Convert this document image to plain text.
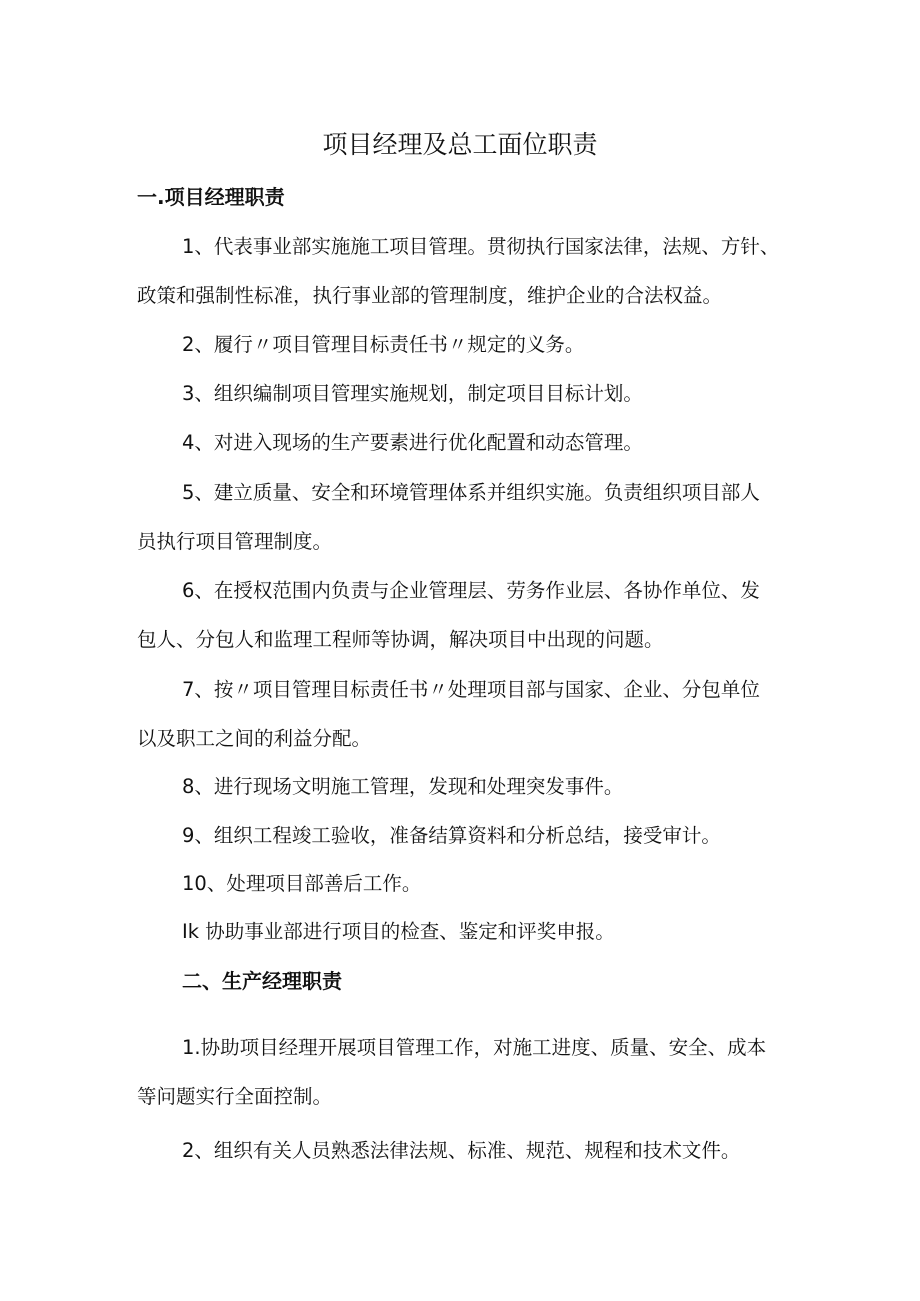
项目经理及总工面位职责
一.项目经理职责
1、代表事业部实施施工项目管理。贯彻执行国家法律，法规、方针、
政策和强制性标准，执行事业部的管理制度，维护企业的合法权益。
2、履行〃项目管理目标责任书〃规定的义务。
3、组织编制项目管理实施规划，制定项目目标计划。
4、对进入现场的生产要素进行优化配置和动态管理。
5、建立质量、安全和环境管理体系并组织实施。负责组织项目部人
员执行项目管理制度。
6、在授权范围内负责与企业管理层、劳务作业层、各协作单位、发
包人、分包人和监理工程师等协调，解决项目中出现的问题。
7、按〃项目管理目标责任书〃处理项目部与国家、企业、分包单位
以及职工之间的利益分配。
8、进行现场文明施工管理，发现和处理突发事件。
9、组织工程竣工验收，准备结算资料和分析总结，接受审计。
10、处理项目部善后工作。
Ik 协助事业部进行项目的检查、鉴定和评奖申报。
二、生产经理职责
1.协助项目经理开展项目管理工作，对施工进度、质量、安全、成本
等问题实行全面控制。
2、组织有关人员熟悉法律法规、标准、规范、规程和技术文件。
